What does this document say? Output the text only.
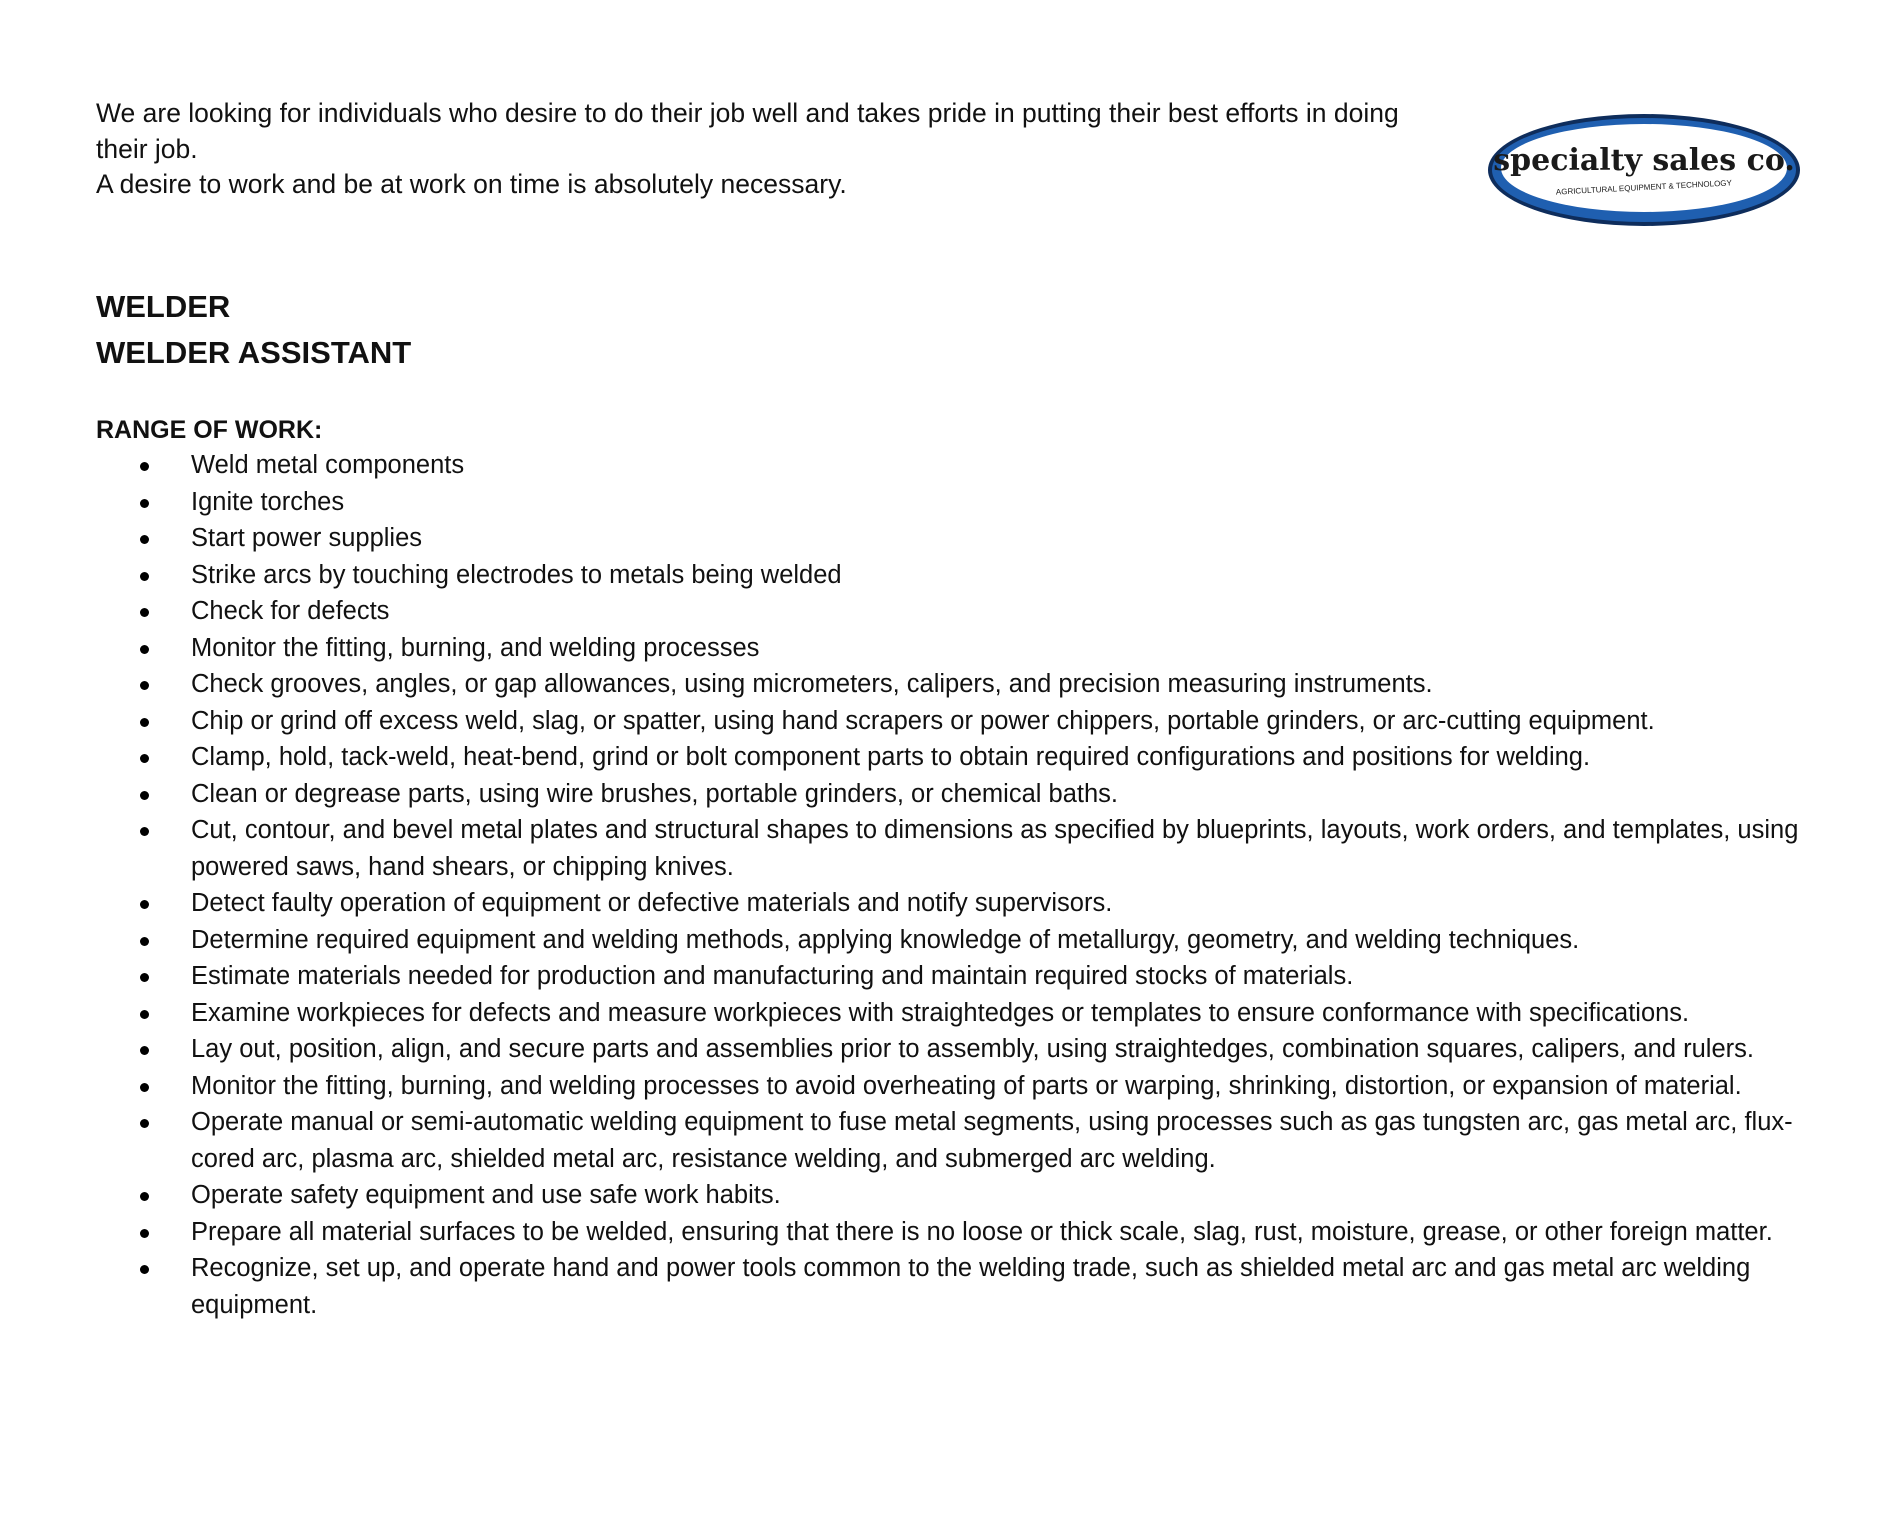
We are looking for individuals who desire to do their job well and takes pride in putting their best efforts in doing their job.

A desire to work and be at work on time is absolutely necessary.

specialty sales co.
AGRICULTURAL EQUIPMENT & TECHNOLOGY
WELDER
WELDER ASSISTANT
RANGE OF WORK:
Weld metal components
Ignite torches
Start power supplies
Strike arcs by touching electrodes to metals being welded
Check for defects
Monitor the fitting, burning, and welding processes
Check grooves, angles, or gap allowances, using micrometers, calipers, and precision measuring instruments.
Chip or grind off excess weld, slag, or spatter, using hand scrapers or power chippers, portable grinders, or arc-cutting equipment.
Clamp, hold, tack-weld, heat-bend, grind or bolt component parts to obtain required configurations and positions for welding.
Clean or degrease parts, using wire brushes, portable grinders, or chemical baths.
Cut, contour, and bevel metal plates and structural shapes to dimensions as specified by blueprints, layouts, work orders, and templates, using powered saws, hand shears, or chipping knives.
Detect faulty operation of equipment or defective materials and notify supervisors.
Determine required equipment and welding methods, applying knowledge of metallurgy, geometry, and welding techniques.
Estimate materials needed for production and manufacturing and maintain required stocks of materials.
Examine workpieces for defects and measure workpieces with straightedges or templates to ensure conformance with specifications.
Lay out, position, align, and secure parts and assemblies prior to assembly, using straightedges, combination squares, calipers, and rulers.
Monitor the fitting, burning, and welding processes to avoid overheating of parts or warping, shrinking, distortion, or expansion of material.
Operate manual or semi-automatic welding equipment to fuse metal segments, using processes such as gas tungsten arc, gas metal arc, flux-cored arc, plasma arc, shielded metal arc, resistance welding, and submerged arc welding.
Operate safety equipment and use safe work habits.
Prepare all material surfaces to be welded, ensuring that there is no loose or thick scale, slag, rust, moisture, grease, or other foreign matter.
Recognize, set up, and operate hand and power tools common to the welding trade, such as shielded metal arc and gas metal arc welding equipment.
